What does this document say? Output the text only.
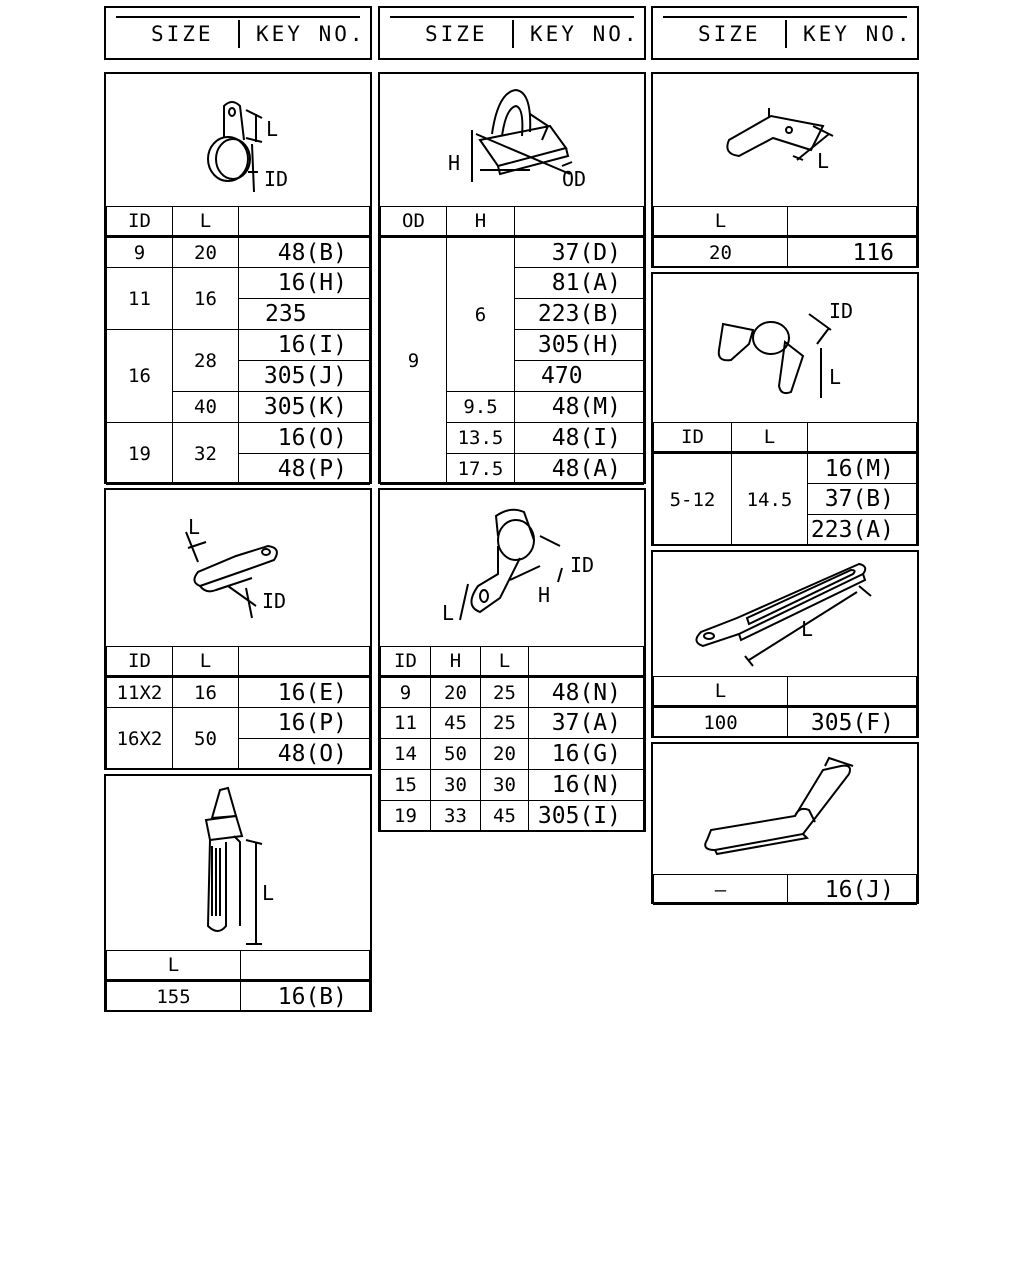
SIZE KEY NO.	SIZE KEY NO.	SIZE KEY NO.
L
ID
ID	L	
9	20	48(B)
11	16	16(H)
		235
16	28	16(I)
		305(J)
	40	305(K)
19	32	16(O)
		48(P)
H
OD
OD	H	
9	6	37(D)
		81(A)
		223(B)
		305(H)
		470
	9.5	48(M)
	13.5	48(I)
	17.5	48(A)
L
L	
20	116
ID
L
ID	L	
5-12	14.5	16(M)
		37(B)
		223(A)
L
ID
ID	L	
11X2	16	16(E)
16X2	50	16(P)
		48(O)
ID
H
L
ID	H	L	
9	20	25	48(N)
11	45	25	37(A)
14	50	20	16(G)
15	30	30	16(N)
19	33	45	305(I)
L
L	
100	305(F)
L
L	
155	16(B)
—	16(J)
